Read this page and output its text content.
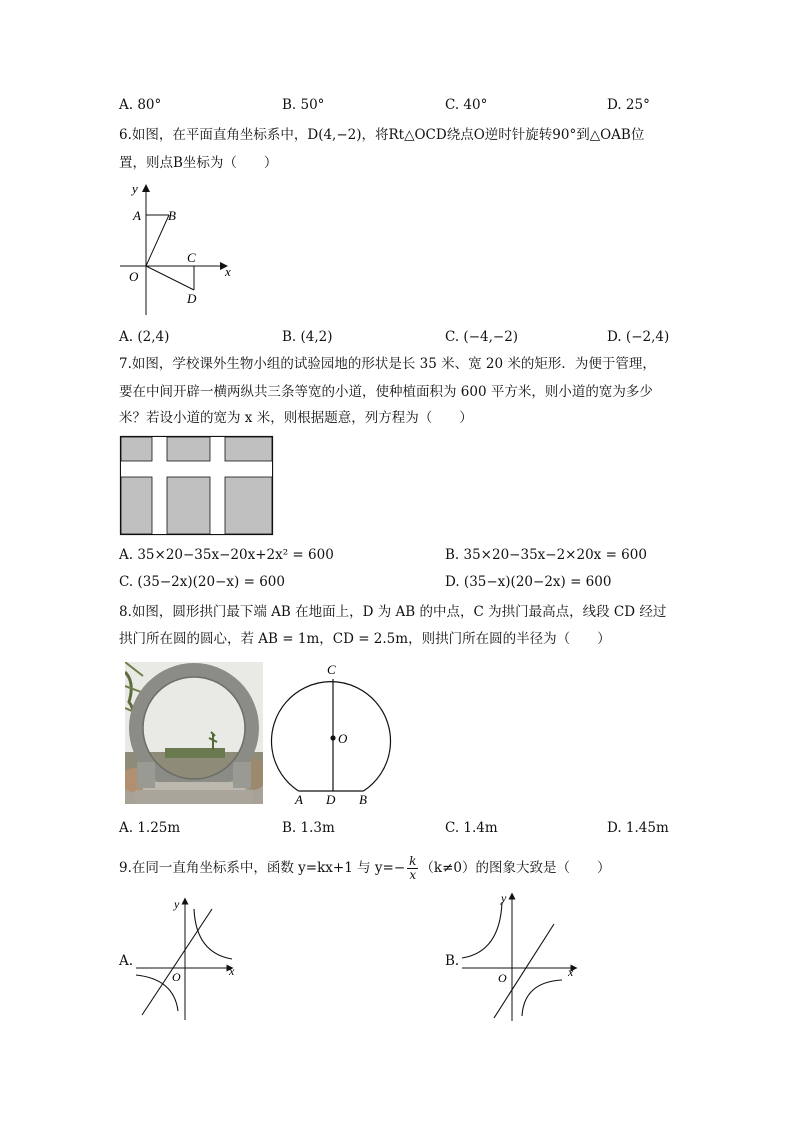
A. 80°	B. 50°	C. 40°	D. 25°
6.如图，在平面直角坐标系中，D(4,−2)，将Rt△OCD绕点O逆时针旋转90°到△OAB位
置，则点B坐标为（　　）
y
x
A B
C
O
D
A. (2,4)	B. (4,2)	C. (−4,−2)	D. (−2,4)
7.如图，学校课外生物小组的试验园地的形状是长 35 米、宽 20 米的矩形．为便于管理，
要在中间开辟一横两纵共三条等宽的小道，使种植面积为 600 平方米，则小道的宽为多少
米？若设小道的宽为 x 米，则根据题意，列方程为（　　）
A. 35×20−35x−20x+2x² = 600	B. 35×20−35x−2×20x = 600
C. (35−2x)(20−x) = 600	D. (35−x)(20−2x) = 600
8.如图，圆形拱门最下端 AB 在地面上，D 为 AB 的中点，C 为拱门最高点，线段 CD 经过
拱门所在圆的圆心，若 AB = 1m，CD = 2.5m，则拱门所在圆的半径为（　　）
C
O
A D B
A. 1.25m	B. 1.3m	C. 1.4m	D. 1.45m
9.在同一直角坐标系中，函数 y=kx+1 与 $y=- \frac{k}{x} (k\ne 0)$的图象大致是（　　）
A.
y
x
O
B.
y
x
O
